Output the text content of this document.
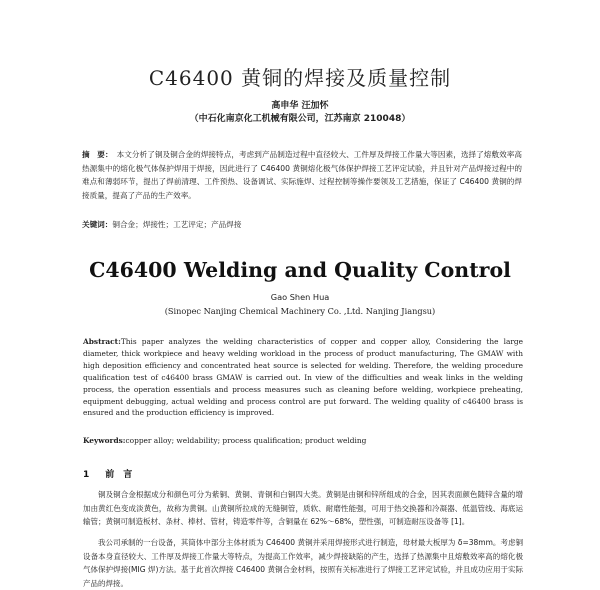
C46400 黄铜的焊接及质量控制
高申华 汪加怀
（中石化南京化工机械有限公司，江苏南京 210048）
摘　要： 本文分析了铜及铜合金的焊接特点，考虑到产品制造过程中直径较大、工件厚及焊接工作量大等因素，选择了熔敷效率高热源集中的熔化极气体保护焊用于焊接，因此进行了 C46400 黄铜熔化极气体保护焊接工艺评定试验，并且针对产品焊接过程中的难点和薄弱环节，提出了焊前清理、工件预热、设备调试、实际施焊、过程控制等操作要领及工艺措施，保证了 C46400 黄铜的焊接质量，提高了产品的生产效率。
关键词：铜合金；焊接性；工艺评定；产品焊接
C46400 Welding and Quality Control
Gao Shen Hua
(Sinopec Nanjing Chemical Machinery Co. ,Ltd. Nanjing Jiangsu)
Abstract:This paper analyzes the welding characteristics of copper and copper alloy, Considering the large diameter, thick workpiece and heavy welding workload in the process of product manufacturing, The GMAW with high deposition efficiency and concentrated heat source is selected for welding. Therefore, the welding procedure qualification test of c46400 brass GMAW is carried out. In view of the difficulties and weak links in the welding process, the operation essentials and process measures such as cleaning before welding, workpiece preheating, equipment debugging, actual welding and process control are put forward. The welding quality of c46400 brass is ensured and the production efficiency is improved.
Keywords:copper alloy; weldability; process qualification; product welding
1 前　言
铜及铜合金根据成分和颜色可分为紫铜、黄铜、青铜和白铜四大类。黄铜是由铜和锌所组成的合金，因其表面颜色随锌含量的增加由黄红色变成淡黄色，故称为黄铜。山黄铜所拉成的无缝铜管，质软、耐磨性能强，可用于热交换器和冷凝器、低温管线、海底运输管；黄铜可制造板材、条材、棒材、管材，铸造零件等，含铜量在 62%～68%，塑性强，可制造耐压设备等 [1]。
我公司承制的一台设备，其筒体中部分主体材质为 C46400 黄铜并采用焊接形式进行制造，母材最大板厚为 δ=38mm。考虑铜设备本身直径较大、工件厚及焊接工作量大等特点，为提高工作效率，减少焊接缺陷的产生，选择了热源集中且熔敷效率高的熔化极气体保护焊接(MIG 焊)方法。基于此首次焊接 C46400 黄铜合金材料，按照有关标准进行了焊接工艺评定试验，并且成功应用于实际产品的焊接。
